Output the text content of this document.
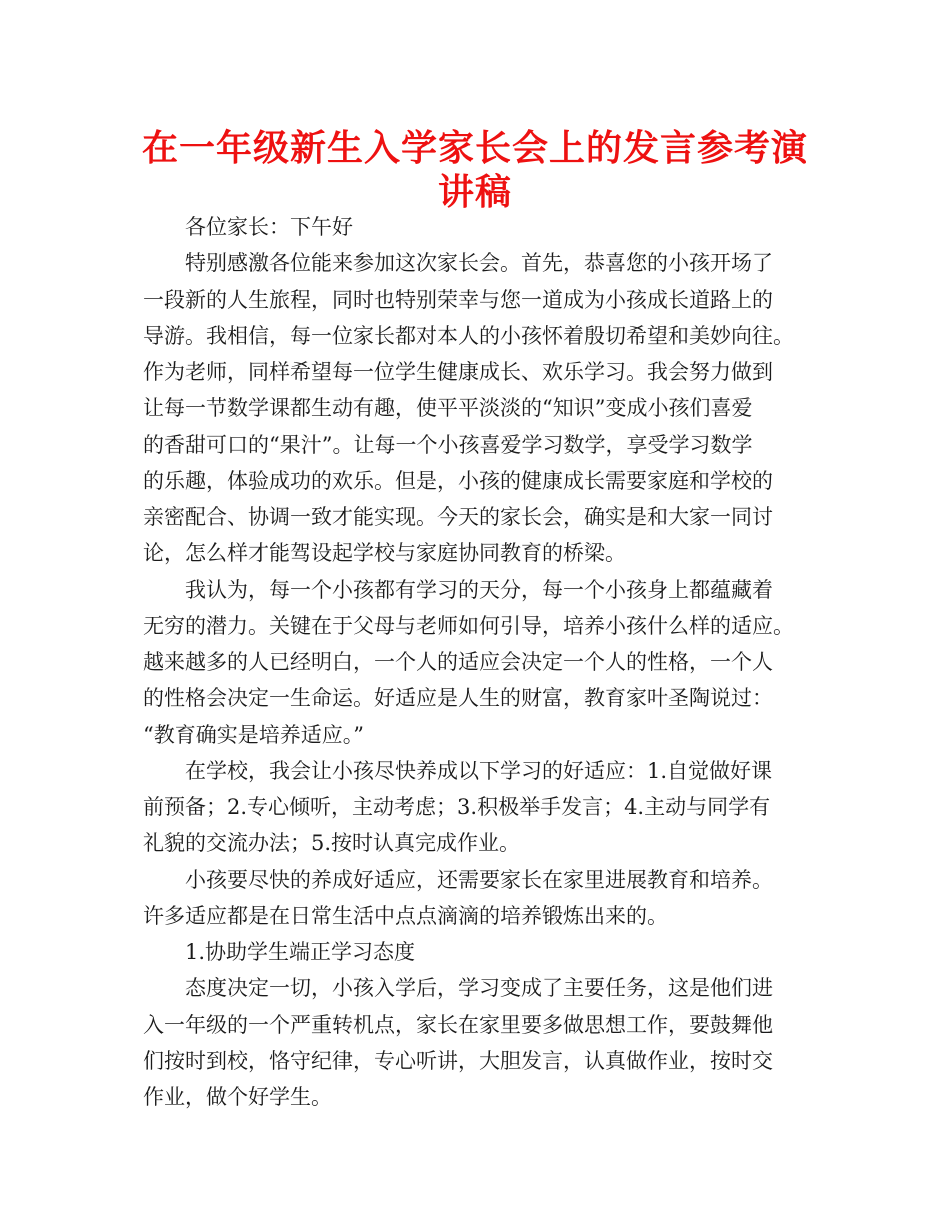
在一年级新生入学家长会上的发言参考演
讲稿

各位家长：下午好

特别感激各位能来参加这次家长会。首先，恭喜您的小孩开场了

一段新的人生旅程，同时也特别荣幸与您一道成为小孩成长道路上的

导游。我相信，每一位家长都对本人的小孩怀着殷切希望和美妙向往。

作为老师，同样希望每一位学生健康成长、欢乐学习。我会努力做到

让每一节数学课都生动有趣，使平平淡淡的“知识”变成小孩们喜爱

的香甜可口的“果汁”。让每一个小孩喜爱学习数学，享受学习数学

的乐趣，体验成功的欢乐。但是，小孩的健康成长需要家庭和学校的

亲密配合、协调一致才能实现。今天的家长会，确实是和大家一同讨

论，怎么样才能驾设起学校与家庭协同教育的桥梁。

我认为，每一个小孩都有学习的天分，每一个小孩身上都蕴藏着

无穷的潜力。关键在于父母与老师如何引导，培养小孩什么样的适应。

越来越多的人已经明白，一个人的适应会决定一个人的性格，一个人

的性格会决定一生命运。好适应是人生的财富，教育家叶圣陶说过：

“教育确实是培养适应。”

在学校，我会让小孩尽快养成以下学习的好适应：1.自觉做好课

前预备；2.专心倾听，主动考虑；3.积极举手发言；4.主动与同学有

礼貌的交流办法；5.按时认真完成作业。

小孩要尽快的养成好适应，还需要家长在家里进展教育和培养。

许多适应都是在日常生活中点点滴滴的培养锻炼出来的。

1.协助学生端正学习态度

态度决定一切，小孩入学后，学习变成了主要任务，这是他们进

入一年级的一个严重转机点，家长在家里要多做思想工作，要鼓舞他

们按时到校，恪守纪律，专心听讲，大胆发言，认真做作业，按时交

作业，做个好学生。
